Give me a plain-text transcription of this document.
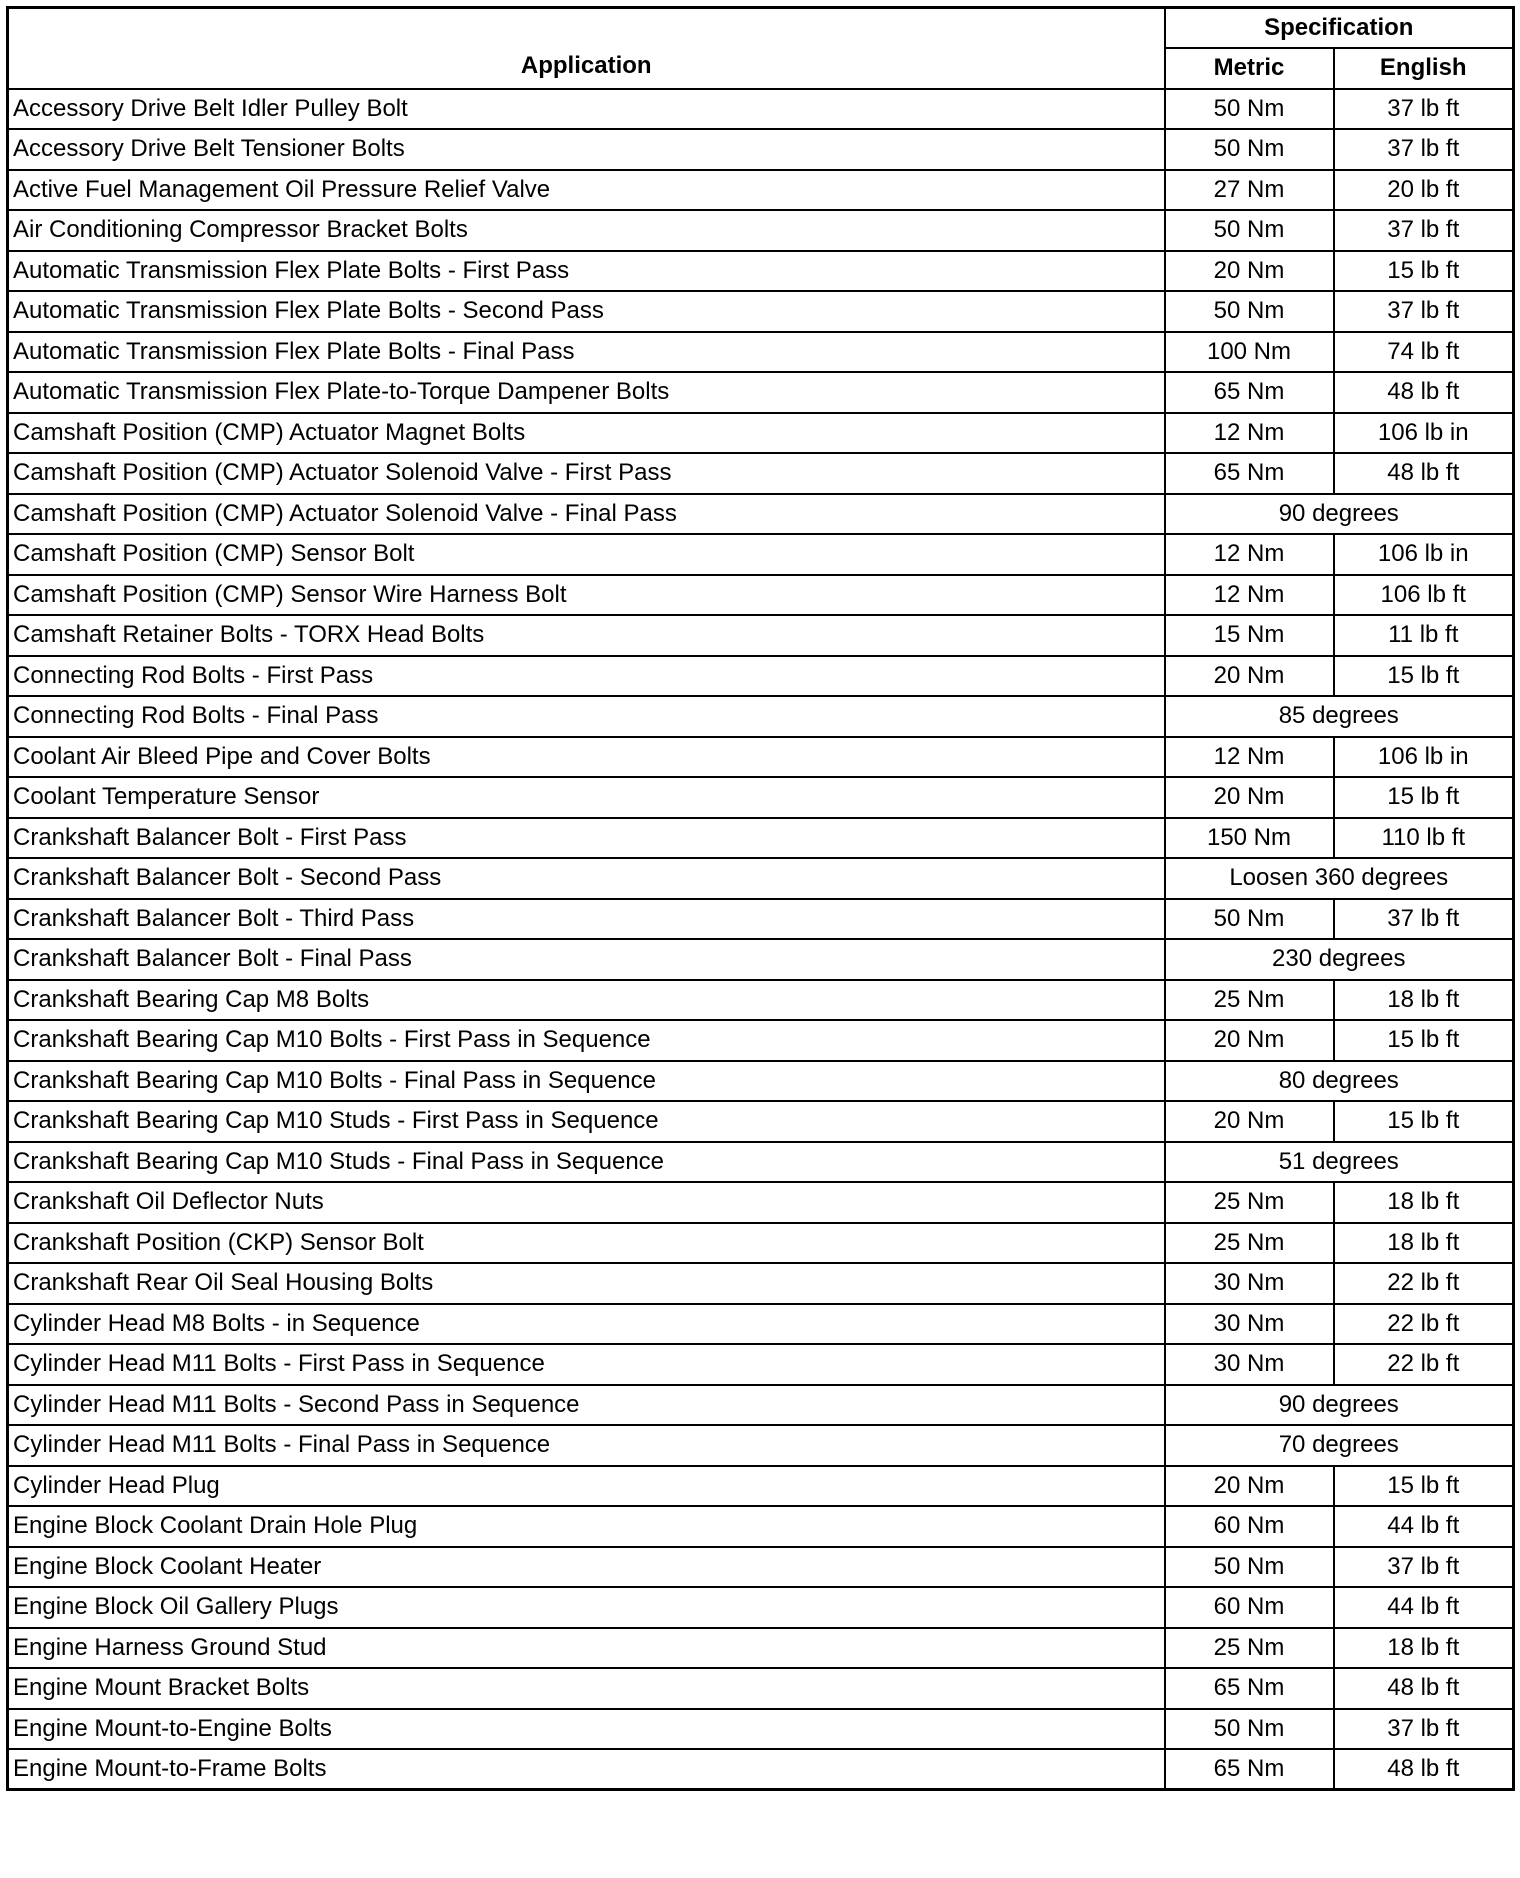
Application	Specification	
	Metric	English
Accessory Drive Belt Idler Pulley Bolt	50 Nm	37 lb ft
Accessory Drive Belt Tensioner Bolts	50 Nm	37 lb ft
Active Fuel Management Oil Pressure Relief Valve	27 Nm	20 lb ft
Air Conditioning Compressor Bracket Bolts	50 Nm	37 lb ft
Automatic Transmission Flex Plate Bolts - First Pass	20 Nm	15 lb ft
Automatic Transmission Flex Plate Bolts - Second Pass	50 Nm	37 lb ft
Automatic Transmission Flex Plate Bolts - Final Pass	100 Nm	74 lb ft
Automatic Transmission Flex Plate-to-Torque Dampener Bolts	65 Nm	48 lb ft
Camshaft Position (CMP) Actuator Magnet Bolts	12 Nm	106 lb in
Camshaft Position (CMP) Actuator Solenoid Valve - First Pass	65 Nm	48 lb ft
Camshaft Position (CMP) Actuator Solenoid Valve - Final Pass	90 degrees	
Camshaft Position (CMP) Sensor Bolt	12 Nm	106 lb in
Camshaft Position (CMP) Sensor Wire Harness Bolt	12 Nm	106 lb ft
Camshaft Retainer Bolts - TORX Head Bolts	15 Nm	11 lb ft
Connecting Rod Bolts - First Pass	20 Nm	15 lb ft
Connecting Rod Bolts - Final Pass	85 degrees	
Coolant Air Bleed Pipe and Cover Bolts	12 Nm	106 lb in
Coolant Temperature Sensor	20 Nm	15 lb ft
Crankshaft Balancer Bolt - First Pass	150 Nm	110 lb ft
Crankshaft Balancer Bolt - Second Pass	Loosen 360 degrees	
Crankshaft Balancer Bolt - Third Pass	50 Nm	37 lb ft
Crankshaft Balancer Bolt - Final Pass	230 degrees	
Crankshaft Bearing Cap M8 Bolts	25 Nm	18 lb ft
Crankshaft Bearing Cap M10 Bolts - First Pass in Sequence	20 Nm	15 lb ft
Crankshaft Bearing Cap M10 Bolts - Final Pass in Sequence	80 degrees	
Crankshaft Bearing Cap M10 Studs - First Pass in Sequence	20 Nm	15 lb ft
Crankshaft Bearing Cap M10 Studs - Final Pass in Sequence	51 degrees	
Crankshaft Oil Deflector Nuts	25 Nm	18 lb ft
Crankshaft Position (CKP) Sensor Bolt	25 Nm	18 lb ft
Crankshaft Rear Oil Seal Housing Bolts	30 Nm	22 lb ft
Cylinder Head M8 Bolts - in Sequence	30 Nm	22 lb ft
Cylinder Head M11 Bolts - First Pass in Sequence	30 Nm	22 lb ft
Cylinder Head M11 Bolts - Second Pass in Sequence	90 degrees	
Cylinder Head M11 Bolts - Final Pass in Sequence	70 degrees	
Cylinder Head Plug	20 Nm	15 lb ft
Engine Block Coolant Drain Hole Plug	60 Nm	44 lb ft
Engine Block Coolant Heater	50 Nm	37 lb ft
Engine Block Oil Gallery Plugs	60 Nm	44 lb ft
Engine Harness Ground Stud	25 Nm	18 lb ft
Engine Mount Bracket Bolts	65 Nm	48 lb ft
Engine Mount-to-Engine Bolts	50 Nm	37 lb ft
Engine Mount-to-Frame Bolts	65 Nm	48 lb ft
